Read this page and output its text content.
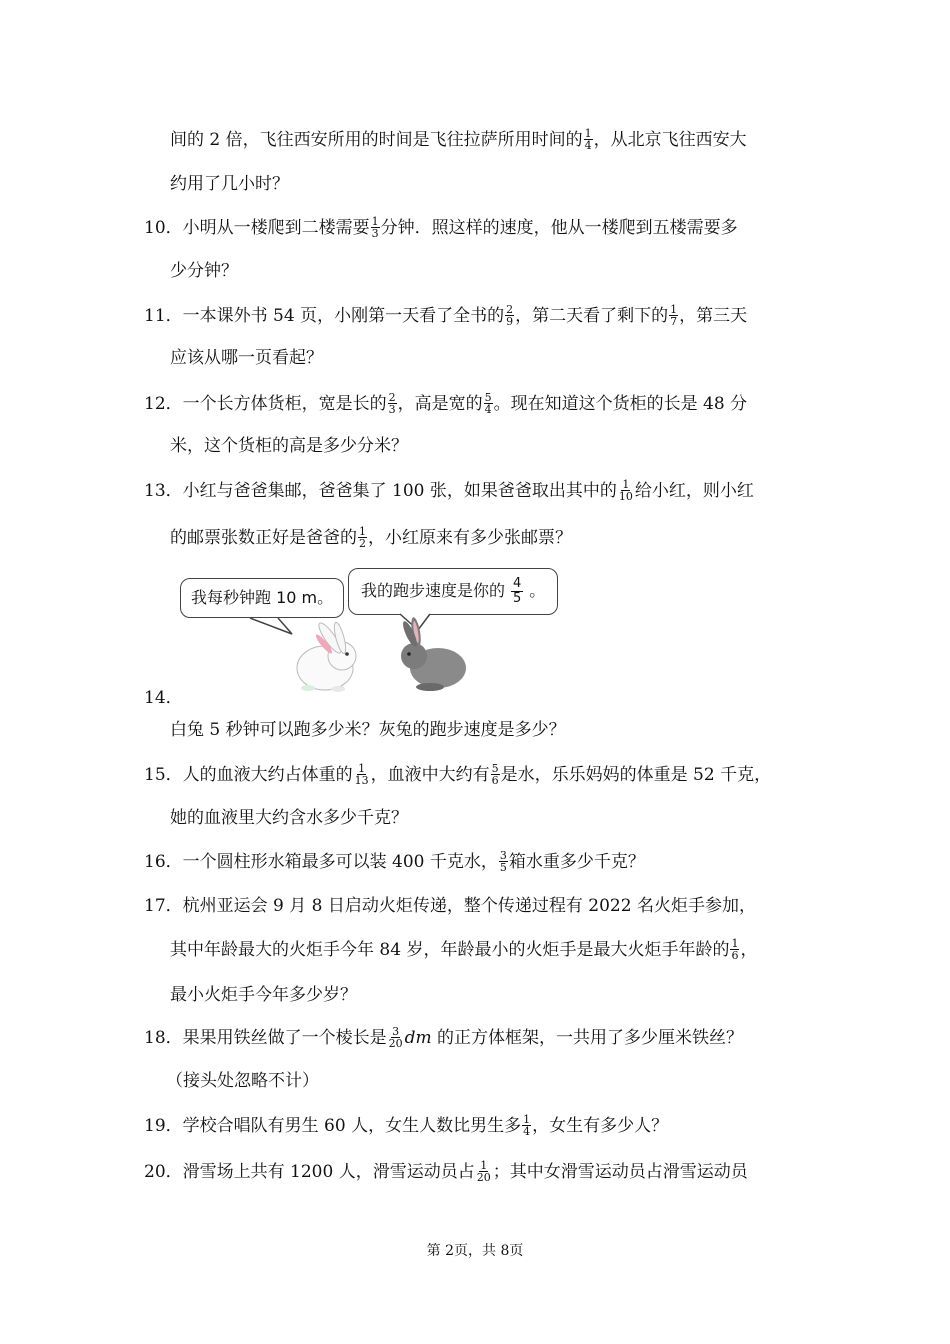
间的 2 倍，飞往西安所用的时间是飞往拉萨所用时间的 $\frac{1}{4}$ ，从北京飞往西安大
约用了几小时？
10．小明从一楼爬到二楼需要 $\frac{1}{3}$ 分钟．照这样的速度，他从一楼爬到五楼需要多
少分钟？
11．一本课外书 54 页，小刚第一天看了全书的 $\frac{2}{9}$ ，第二天看了剩下的 $\frac{1}{7}$ ，第三天
应该从哪一页看起？
12．一个长方体货柜，宽是长的 $\frac{2}{3}$ ，高是宽的 $\frac{5}{4}$ 。现在知道这个货柜的长是 48 分
米，这个货柜的高是多少分米？
13．小红与爸爸集邮，爸爸集了 100 张，如果爸爸取出其中的 $\frac{1}{10}$ 给小红，则小红
的邮票张数正好是爸爸的 $\frac{1}{2}$ ，小红原来有多少张邮票？
我每秒钟跑 10 m。	我的跑步速度是你的 $\frac{4}{5}$ 。
14．
白兔 5 秒钟可以跑多少米？灰兔的跑步速度是多少？
15．人的血液大约占体重的 $\frac{1}{13}$ ，血液中大约有 $\frac{5}{6}$ 是水，乐乐妈妈的体重是 52 千克，
她的血液里大约含水多少千克？
16．一个圆柱形水箱最多可以装 400 千克水， $\frac{3}{5}$ 箱水重多少千克？
17．杭州亚运会 9 月 8 日启动火炬传递，整个传递过程有 2022 名火炬手参加，
其中年龄最大的火炬手今年 84 岁，年龄最小的火炬手是最大火炬手年龄的 $\frac{1}{6}$ ，
最小火炬手今年多少岁？
18．果果用铁丝做了一个棱长是 $\frac{3}{20}$ dm 的正方体框架，一共用了多少厘米铁丝？
（接头处忽略不计）
19．学校合唱队有男生 60 人，女生人数比男生多 $\frac{1}{4}$ ，女生有多少人？
20．滑雪场上共有 1200 人，滑雪运动员占 $\frac{1}{20}$ ；其中女滑雪运动员占滑雪运动员
第 2页，共 8页
